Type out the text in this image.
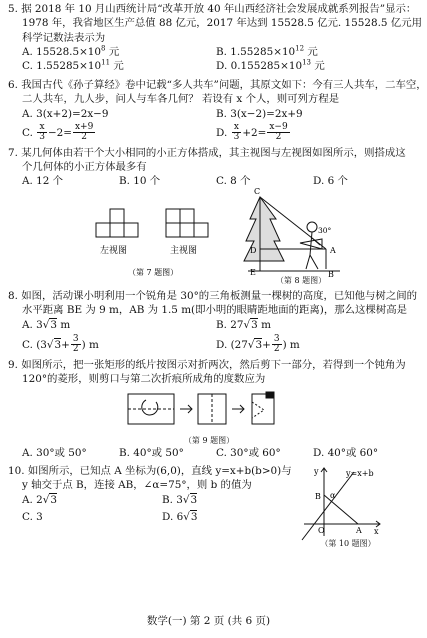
5. 据 2018 年 10 月山西统计局“改革开放 40 年山西经济社会发展成就系列报告”显示：
1978 年，我省地区生产总值 88 亿元，2017 年达到 15528.5 亿元. 15528.5 亿元用
科学记数法表示为
A. $15528.5\times 10^8$ 元	B. $1.55285\times 10^{12}$ 元
C. $1.55285\times 10^{11}$ 元	D. $0.155285\times 10^{13}$ 元
6. 我国古代《孙子算经》卷中记载“多人共车”问题，其原文如下：今有三人共车，二车空，
二人共车，九人步，问人与车各几何？ 若设有 x 个人，则可列方程是
A. 3(x+2)=2x−9	B. 3(x−2)=2x+9
C. $\frac{x}{3} -2= \frac{x+9}{2}$	D. $\frac{x}{3} +2= \frac{x-9}{2}$
7. 某几何体由若干个大小相同的小正方体搭成，其主视图与左视图如图所示，则搭成这
个几何体的小正方体最多有
A. 12 个	B. 10 个	C. 8 个	D. 6 个
左视图	主视图
（第 7 题图）
C
D
E	B
A
30°
（第 8 题图）
8. 如图，活动课小明利用一个锐角是 30°的三角板测量一棵树的高度，已知他与树之间的
水平距离 BE 为 9 m，AB 为 1.5 m(即小明的眼睛距地面的距离)，那么这棵树高是
A. 3√3 m	B. 27√3 m
C. ($3√3+ \frac{3}{2}$ ) m	D. ($27√3+ \frac{3}{2}$ ) m
9. 如图所示，把一张矩形的纸片按图示对折两次，然后剪下一部分，若得到一个钝角为
120°的菱形，则剪口与第二次折痕所成角的度数应为
（第 9 题图）
A. 30°或 50°	B. 40°或 50°	C. 30°或 60°	D. 40°或 60°
10. 如图所示，已知点 A 坐标为(6,0)，直线 y=x+b(b>0)与
y 轴交于点 B，连接 AB，∠α=75°，则 b 的值为
A. 2√3	B. 3√3
C. 3	D. 6√3
y=x+b
y
x
O	A
B α
（第 10 题图）
数学(一) 第 2 页 (共 6 页)
